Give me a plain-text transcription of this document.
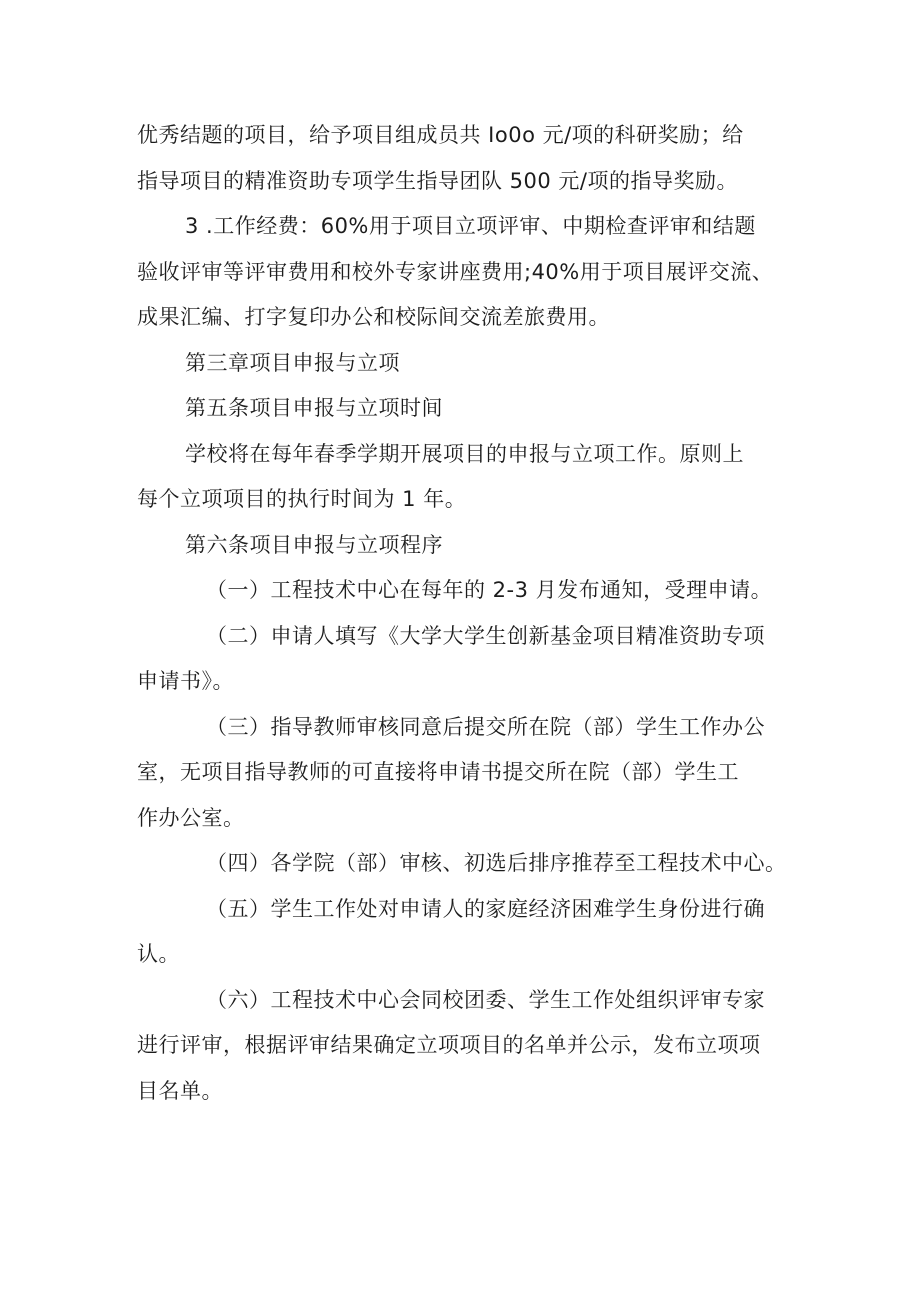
优秀结题的项目，给予项目组成员共 Io0o 元/项的科研奖励；给

指导项目的精准资助专项学生指导团队 500 元/项的指导奖励。

3 .工作经费：60%用于项目立项评审、中期检查评审和结题

验收评审等评审费用和校外专家讲座费用;40%用于项目展评交流、

成果汇编、打字复印办公和校际间交流差旅费用。

第三章项目申报与立项

第五条项目申报与立项时间

学校将在每年春季学期开展项目的申报与立项工作。原则上

每个立项项目的执行时间为 1 年。

第六条项目申报与立项程序

（一）工程技术中心在每年的 2-3 月发布通知，受理申请。

（二）申请人填写《大学大学生创新基金项目精准资助专项

申请书》。

（三）指导教师审核同意后提交所在院（部）学生工作办公

室，无项目指导教师的可直接将申请书提交所在院（部）学生工

作办公室。

（四）各学院（部）审核、初选后排序推荐至工程技术中心。

（五）学生工作处对申请人的家庭经济困难学生身份进行确

认。

（六）工程技术中心会同校团委、学生工作处组织评审专家

进行评审，根据评审结果确定立项项目的名单并公示，发布立项项

目名单。
